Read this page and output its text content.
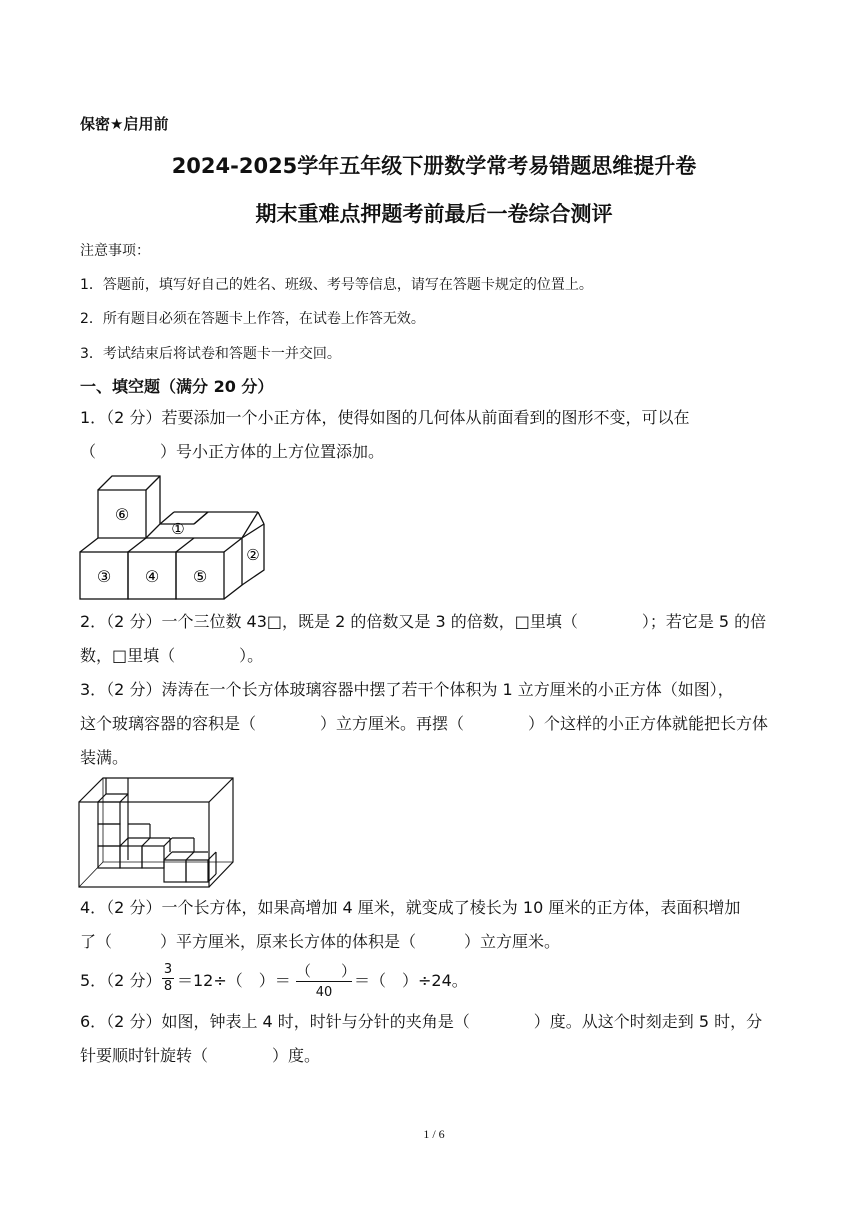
保密★启用前
2024-2025学年五年级下册数学常考易错题思维提升卷
期末重难点押题考前最后一卷综合测评
注意事项：
1．答题前，填写好自己的姓名、班级、考号等信息，请写在答题卡规定的位置上。
2．所有题目必须在答题卡上作答，在试卷上作答无效。
3．考试结束后将试卷和答题卡一并交回。
一、填空题（满分 20 分）
1．（2 分）若要添加一个小正方体，使得如图的几何体从前面看到的图形不变，可以在
（　　　　）号小正方体的上方位置添加。
⑥
①
②
③ ④ ⑤
2．（2 分）一个三位数 43□，既是 2 的倍数又是 3 的倍数，□里填（　　　　）；若它是 5 的倍
数，□里填（　　　　）。
3．（2 分）涛涛在一个长方体玻璃容器中摆了若干个体积为 1 立方厘米的小正方体（如图），
这个玻璃容器的容积是（　　　　）立方厘米。再摆（　　　　）个这样的小正方体就能把长方体
装满。
4．（2 分）一个长方体，如果高增加 4 厘米，就变成了棱长为 10 厘米的正方体，表面积增加
了（　　　）平方厘米，原来长方体的体积是（　　　）立方厘米。
5．（2 分） $\frac{3}{8} =12\div$（　）＝ （　　）
40
＝（　）÷24。
6．（2 分）如图，钟表上 4 时，时针与分针的夹角是（　　　　）度。从这个时刻走到 5 时，分
针要顺时针旋转（　　　　）度。
1 / 6
